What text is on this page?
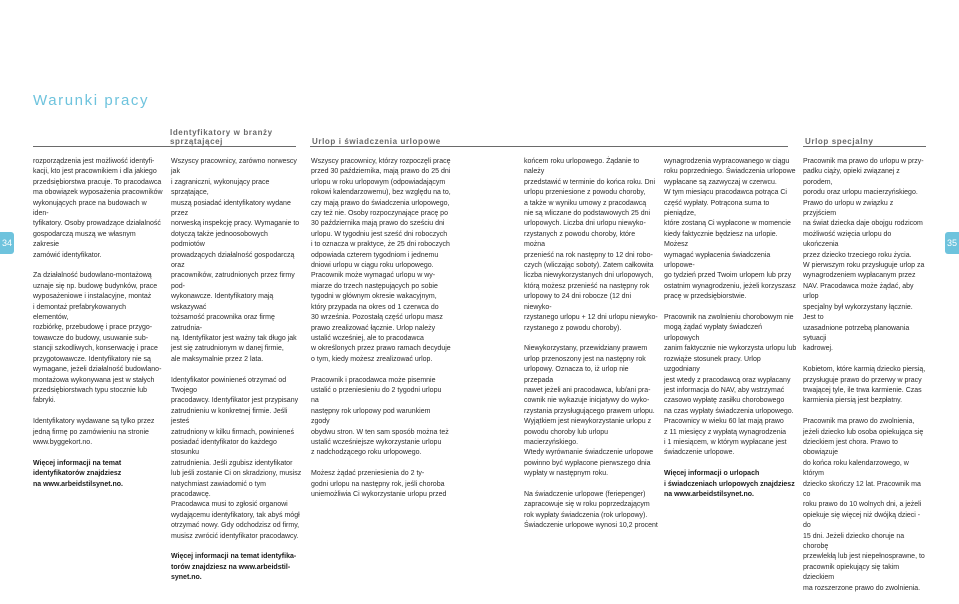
Warunki pracy
Identyfikatory w branży
sprzątającej	Urlop i świadczenia urlopowe	Urlop specjalny
34	35

rozporządzenia jest możliwość identyfi-
kacji, kto jest pracownikiem i dla jakiego
przedsiębiorstwa pracuje. To pracodawca
ma obowiązek wyposażenia pracowników
wykonujących prace na budowach w iden-
tyfikatory. Osoby prowadzące działalność
gospodarczą muszą we własnym zakresie
zamówić identyfikator.

Za działalność budowlano-montażową
uznaje się np. budowę budynków, prace
wyposażeniowe i instalacyjne, montaż
i demontaż prefabrykowanych elementów,
rozbiórkę, przebudowę i prace przygo-
towawcze do budowy, usuwanie sub-
stancji szkodliwych, konserwację i prace
przygotowawcze. Identyfikatory nie są
wymagane, jeżeli działalność budowlano-
montażowa wykonywana jest w stałych
przedsiębiorstwach typu stocznie lub
fabryki.

Identyfikatory wydawane są tylko przez
jedną firmę po zamówieniu na stronie
www.byggekort.no.

Więcej informacji na temat
identyfikatorów znajdziesz
na www.arbeidstilsynet.no.

Wszyscy pracownicy, zarówno norwescy jak
i zagraniczni, wykonujący prace sprzątające,
muszą posiadać identyfikatory wydane przez
norweską inspekcję pracy. Wymaganie to
dotyczą także jednoosobowych podmiotów
prowadzących działalność gospodarczą oraz
pracowników, zatrudnionych przez firmy pod-
wykonawcze. Identyfikatory mają wskazywać
tożsamość pracownika oraz firmę zatrudnia-
ną. Identyfikator jest ważny tak długo jak
jest się zatrudnionym w danej firmie,
ale maksymalnie przez 2 lata.

Identyfikator powinieneś otrzymać od Twojego
pracodawcy. Identyfikator jest przypisany
zatrudnieniu w konkretnej firmie. Jeśli jesteś
zatrudniony w kilku firmach, powinieneś
posiadać identyfikator do każdego stosunku
zatrudnienia. Jeśli zgubisz identyfikator
lub jeśli zostanie Ci on skradziony, musisz
natychmiast zawiadomić o tym pracodawcę.
Pracodawca musi to zgłosić organowi
wydającemu identyfikatory, tak abyś mógł
otrzymać nowy. Gdy odchodzisz od firmy,
musisz zwrócić identyfikator pracodawcy.

Więcej informacji na temat identyfika-
torów znajdziesz na www.arbeidstil-
synet.no.

Wszyscy pracownicy, którzy rozpoczęli pracę
przed 30 października, mają prawo do 25 dni
urlopu w roku urlopowym (odpowiadającym
rokowi kalendarzowemu), bez względu na to,
czy mają prawo do świadczenia urlopowego,
czy też nie. Osoby rozpoczynające pracę po
30 października mają prawo do sześciu dni
urlopu. W tygodniu jest sześć dni roboczych
i to oznacza w praktyce, że 25 dni roboczych
odpowiada czterem tygodniom i jednemu
dniowi urlopu w ciągu roku urlopowego.
Pracownik może wymagać urlopu w wy-
miarze do trzech następujących po sobie
tygodni w głównym okresie wakacyjnym,
który przypada na okres od 1 czerwca do
30 września. Pozostałą część urlopu masz
prawo zrealizować łącznie. Urlop należy
ustalić wcześniej, ale to pracodawca
w określonych przez prawo ramach decyduje
o tym, kiedy możesz zrealizować urlop.

Pracownik i pracodawca może pisemnie
ustalić o przeniesieniu do 2 tygodni urlopu na
następny rok urlopowy pod warunkiem zgody
obydwu stron. W ten sam sposób można też
ustalić wcześniejsze wykorzystanie urlopu
z nadchodzącego roku urlopowego.

Możesz żądać przeniesienia do 2 ty-
godni urlopu na następny rok, jeśli choroba
uniemożliwia Ci wykorzystanie urlopu przed

końcem roku urlopowego. Żądanie to należy
przedstawić w terminie do końca roku. Dni
urlopu przeniesione z powodu choroby,
a także w wyniku umowy z pracodawcą
nie są wliczane do podstawowych 25 dni
urlopowych. Liczba dni urlopu niewyko-
rzystanych z powodu choroby, które można
przenieść na rok następny to 12 dni robo-
czych (wliczając soboty). Zatem całkowita
liczba niewykorzystanych dni urlopowych,
którą możesz przenieść na następny rok
urlopowy to 24 dni robocze (12 dni niewyko-
rzystanego urlopu + 12 dni urlopu niewyko-
rzystanego z powodu choroby).

Niewykorzystany, przewidziany prawem
urlop przenoszony jest na następny rok
urlopowy. Oznacza to, iż urlop nie przepada
nawet jeżeli ani pracodawca, lub/ani pra-
cownik nie wykazuje inicjatywy do wyko-
rzystania przysługującego prawem urlopu.
Wyjątkiem jest niewykorzystanie urlopu z
powodu choroby lub urlopu macierzyńskiego.
Wtedy wyrównanie świadczenie urlopowe
powinno być wypłacone pierwszego dnia
wypłaty w następnym roku.

Na świadczenie urlopowe (feriepenger)
zapracowuje się w roku poprzedzającym
rok wypłaty świadczenia (rok urlopowy).
Świadczenie urlopowe wynosi 10,2 procent

wynagrodzenia wypracowanego w ciągu
roku poprzedniego. Świadczenia urlopowe
wypłacane są zazwyczaj w czerwcu.
W tym miesiącu pracodawca potrąca Ci
część wypłaty. Potrącona suma to pieniądze,
które zostaną Ci wypłacone w momencie
kiedy faktycznie będziesz na urlopie. Możesz
wymagać wypłacenia świadczenia urlopowe-
go tydzień przed Twoim urlopem lub przy
ostatnim wynagrodzeniu, jeżeli korzyszasz
pracę w przedsiębiorstwie.

Pracownik na zwolnieniu chorobowym nie
mogą żądać wypłaty świadczeń urlopowych
zanim faktycznie nie wykorzysta urlopu lub
rozwiąże stosunek pracy. Urlop uzgodniany
jest wtedy z pracodawcą oraz wypłacany
jest informacja do NAV, aby wstrzymać
czasowo wypłatę zasiłku chorobowego
na czas wypłaty świadczenia urlopowego.
Pracownicy w wieku 60 lat mają prawo
z 11 miesięcy z wypłatą wynagrodzenia
i 1 miesiącem, w którym wypłacane jest
świadczenie urlopowe.

Więcej informacji o urlopach
i świadczeniach urlopowych znajdziesz
na www.arbeidstilsynet.no.

Pracownik ma prawo do urlopu w przy-
padku ciąży, opieki związanej z porodem,
porodu oraz urlopu macierzyńskiego.
Prawo do urlopu w związku z przyjściem
na świat dziecka daje obojgu rodzicom
możliwość wzięcia urlopu do ukończenia
przez dziecko trzeciego roku życia.
W pierwszym roku przysługuje urlop za
wynagrodzeniem wypłacanym przez
NAV. Pracodawca może żądać, aby urlop
specjalny był wykorzystany łącznie. Jest to
uzasadnione potrzebą planowania sytuacji
kadrowej.

Kobietom, które karmią dziecko piersią,
przysługuje prawo do przerwy w pracy
trwającej tyle, ile trwa karmienie. Czas
karmienia piersią jest bezpłatny.

Pracownik ma prawo do zwolnienia,
jeżeli dziecko lub osoba opiekująca się
dzieckiem jest chora. Prawo to obowiązuje
do końca roku kalendarzowego, w którym
dziecko skończy 12 lat. Pracownik ma co
roku prawo do 10 wolnych dni, a jeżeli
opiekuje się więcej niż dwójką dzieci - do
15 dni. Jeżeli dziecko choruje na chorobę
przewlekłą lub jest niepełnosprawne, to
pracownik opiekujący się takim dzieckiem
ma rozszerzone prawo do zwolnienia.
